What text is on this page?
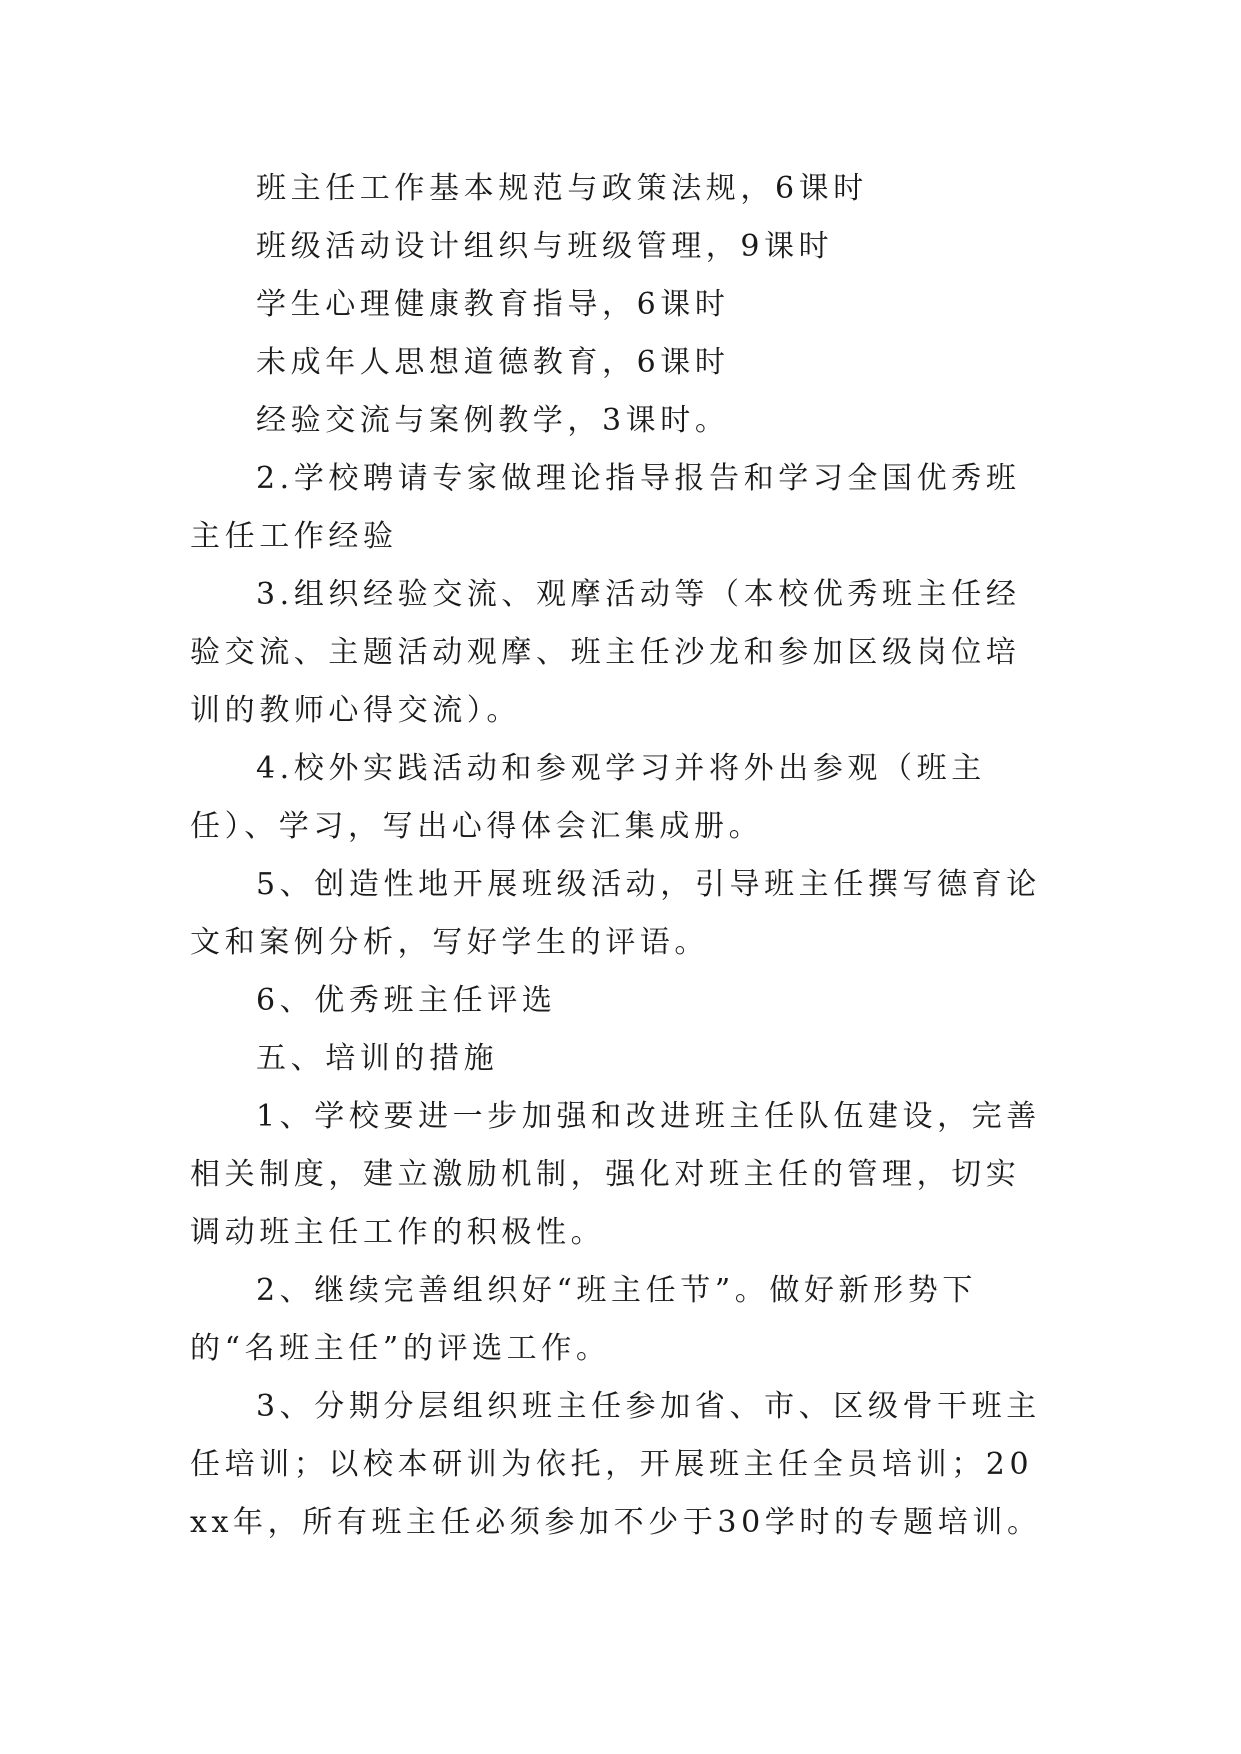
班主任工作基本规范与政策法规，6课时

班级活动设计组织与班级管理，9课时

学生心理健康教育指导，6课时

未成年人思想道德教育，6课时

经验交流与案例教学，3课时。

2.学校聘请专家做理论指导报告和学习全国优秀班主任工作经验

3.组织经验交流、观摩活动等（本校优秀班主任经验交流、主题活动观摩、班主任沙龙和参加区级岗位培训的教师心得交流）。

4.校外实践活动和参观学习并将外出参观（班主任）、学习，写出心得体会汇集成册。

5、创造性地开展班级活动，引导班主任撰写德育论文和案例分析，写好学生的评语。

6、优秀班主任评选

五、培训的措施

1、学校要进一步加强和改进班主任队伍建设，完善相关制度，建立激励机制，强化对班主任的管理，切实调动班主任工作的积极性。

2、继续完善组织好“班主任节”。做好新形势下的“名班主任”的评选工作。

3、分期分层组织班主任参加省、市、区级骨干班主任培训；以校本研训为依托，开展班主任全员培训；20xx年，所有班主任必须参加不少于30学时的专题培训。
